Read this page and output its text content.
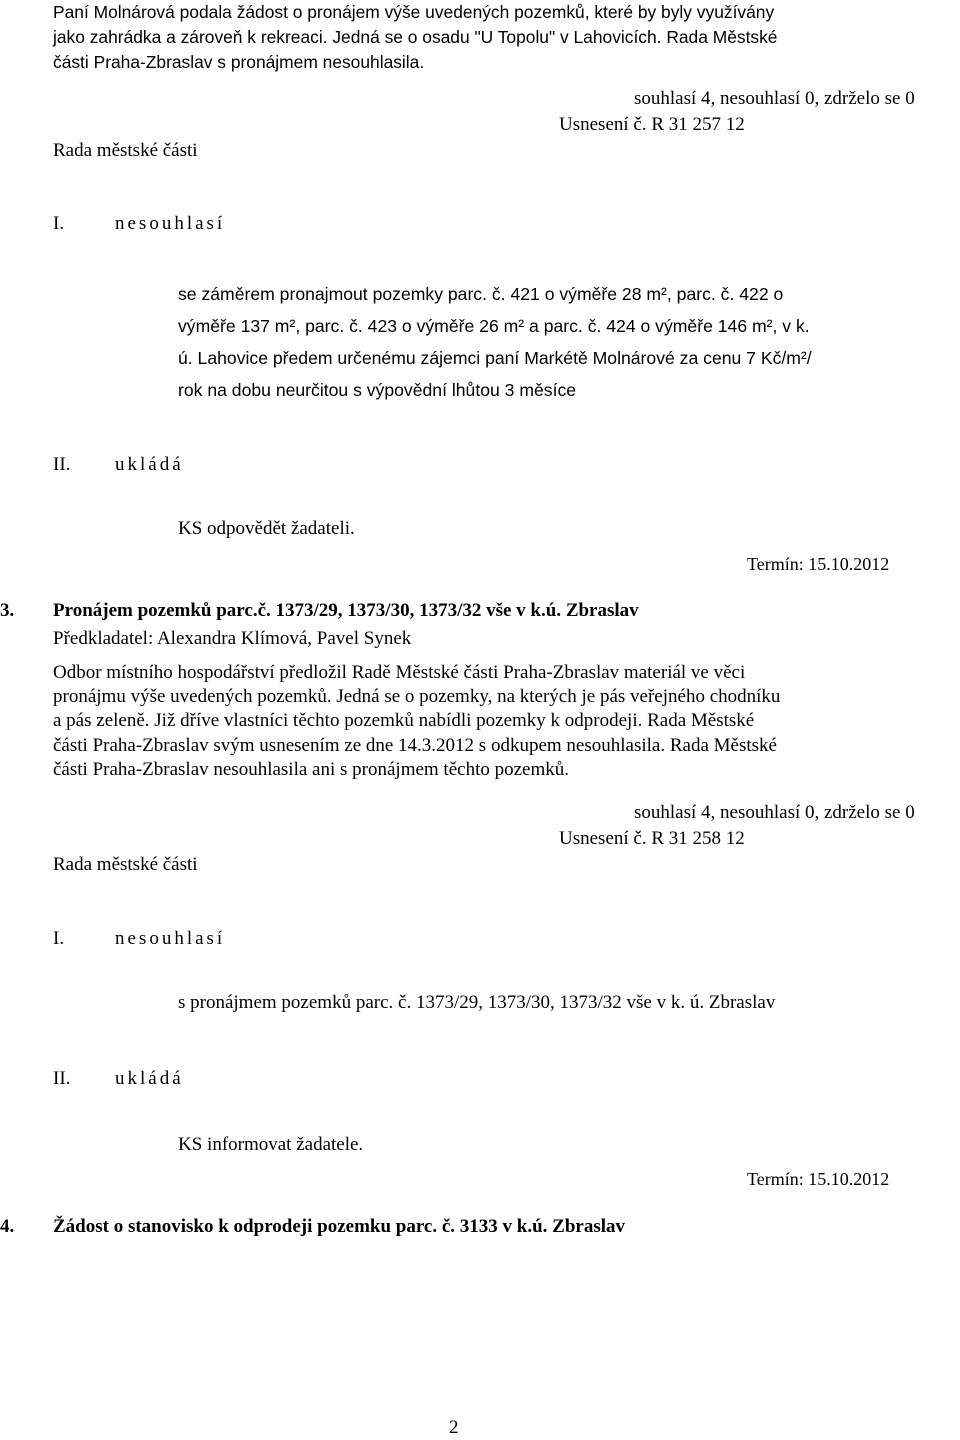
Paní Molnárová podala žádost o pronájem výše uvedených pozemků, které by byly využívány
jako zahrádka a zároveň k rekreaci. Jedná se o osadu "U Topolu" v Lahovicích. Rada Městské
části Praha-Zbraslav s pronájmem nesouhlasila.
souhlasí 4, nesouhlasí 0, zdrželo se 0
Usnesení č. R 31 257 12
Rada městské části
I.	nesouhlasí
se záměrem pronajmout pozemky parc. č. 421 o výměře 28 m², parc. č. 422 o
výměře 137 m², parc. č. 423 o výměře 26 m² a parc. č. 424 o výměře 146 m², v k.
ú. Lahovice předem určenému zájemci paní Markétě Molnárové za cenu 7 Kč/m²/
rok na dobu neurčitou s výpovědní lhůtou 3 měsíce
II. ukládá
KS odpovědět žadateli.
Termín: 15.10.2012
3. Pronájem pozemků parc.č. 1373/29, 1373/30, 1373/32 vše v k.ú. Zbraslav
Předkladatel: Alexandra Klímová, Pavel Synek
Odbor místního hospodářství předložil Radě Městské části Praha-Zbraslav materiál ve věci
pronájmu výše uvedených pozemků. Jedná se o pozemky, na kterých je pás veřejného chodníku
a pás zeleně. Již dříve vlastníci těchto pozemků nabídli pozemky k odprodeji. Rada Městské
části Praha-Zbraslav svým usnesením ze dne 14.3.2012 s odkupem nesouhlasila. Rada Městské
části Praha-Zbraslav nesouhlasila ani s pronájmem těchto pozemků.
souhlasí 4, nesouhlasí 0, zdrželo se 0
Usnesení č. R 31 258 12
Rada městské části
I.	nesouhlasí
s pronájmem pozemků parc. č. 1373/29, 1373/30, 1373/32 vše v k. ú. Zbraslav
II. ukládá
KS informovat žadatele.
Termín: 15.10.2012
4. Žádost o stanovisko k odprodeji pozemku parc. č. 3133 v k.ú. Zbraslav
2
